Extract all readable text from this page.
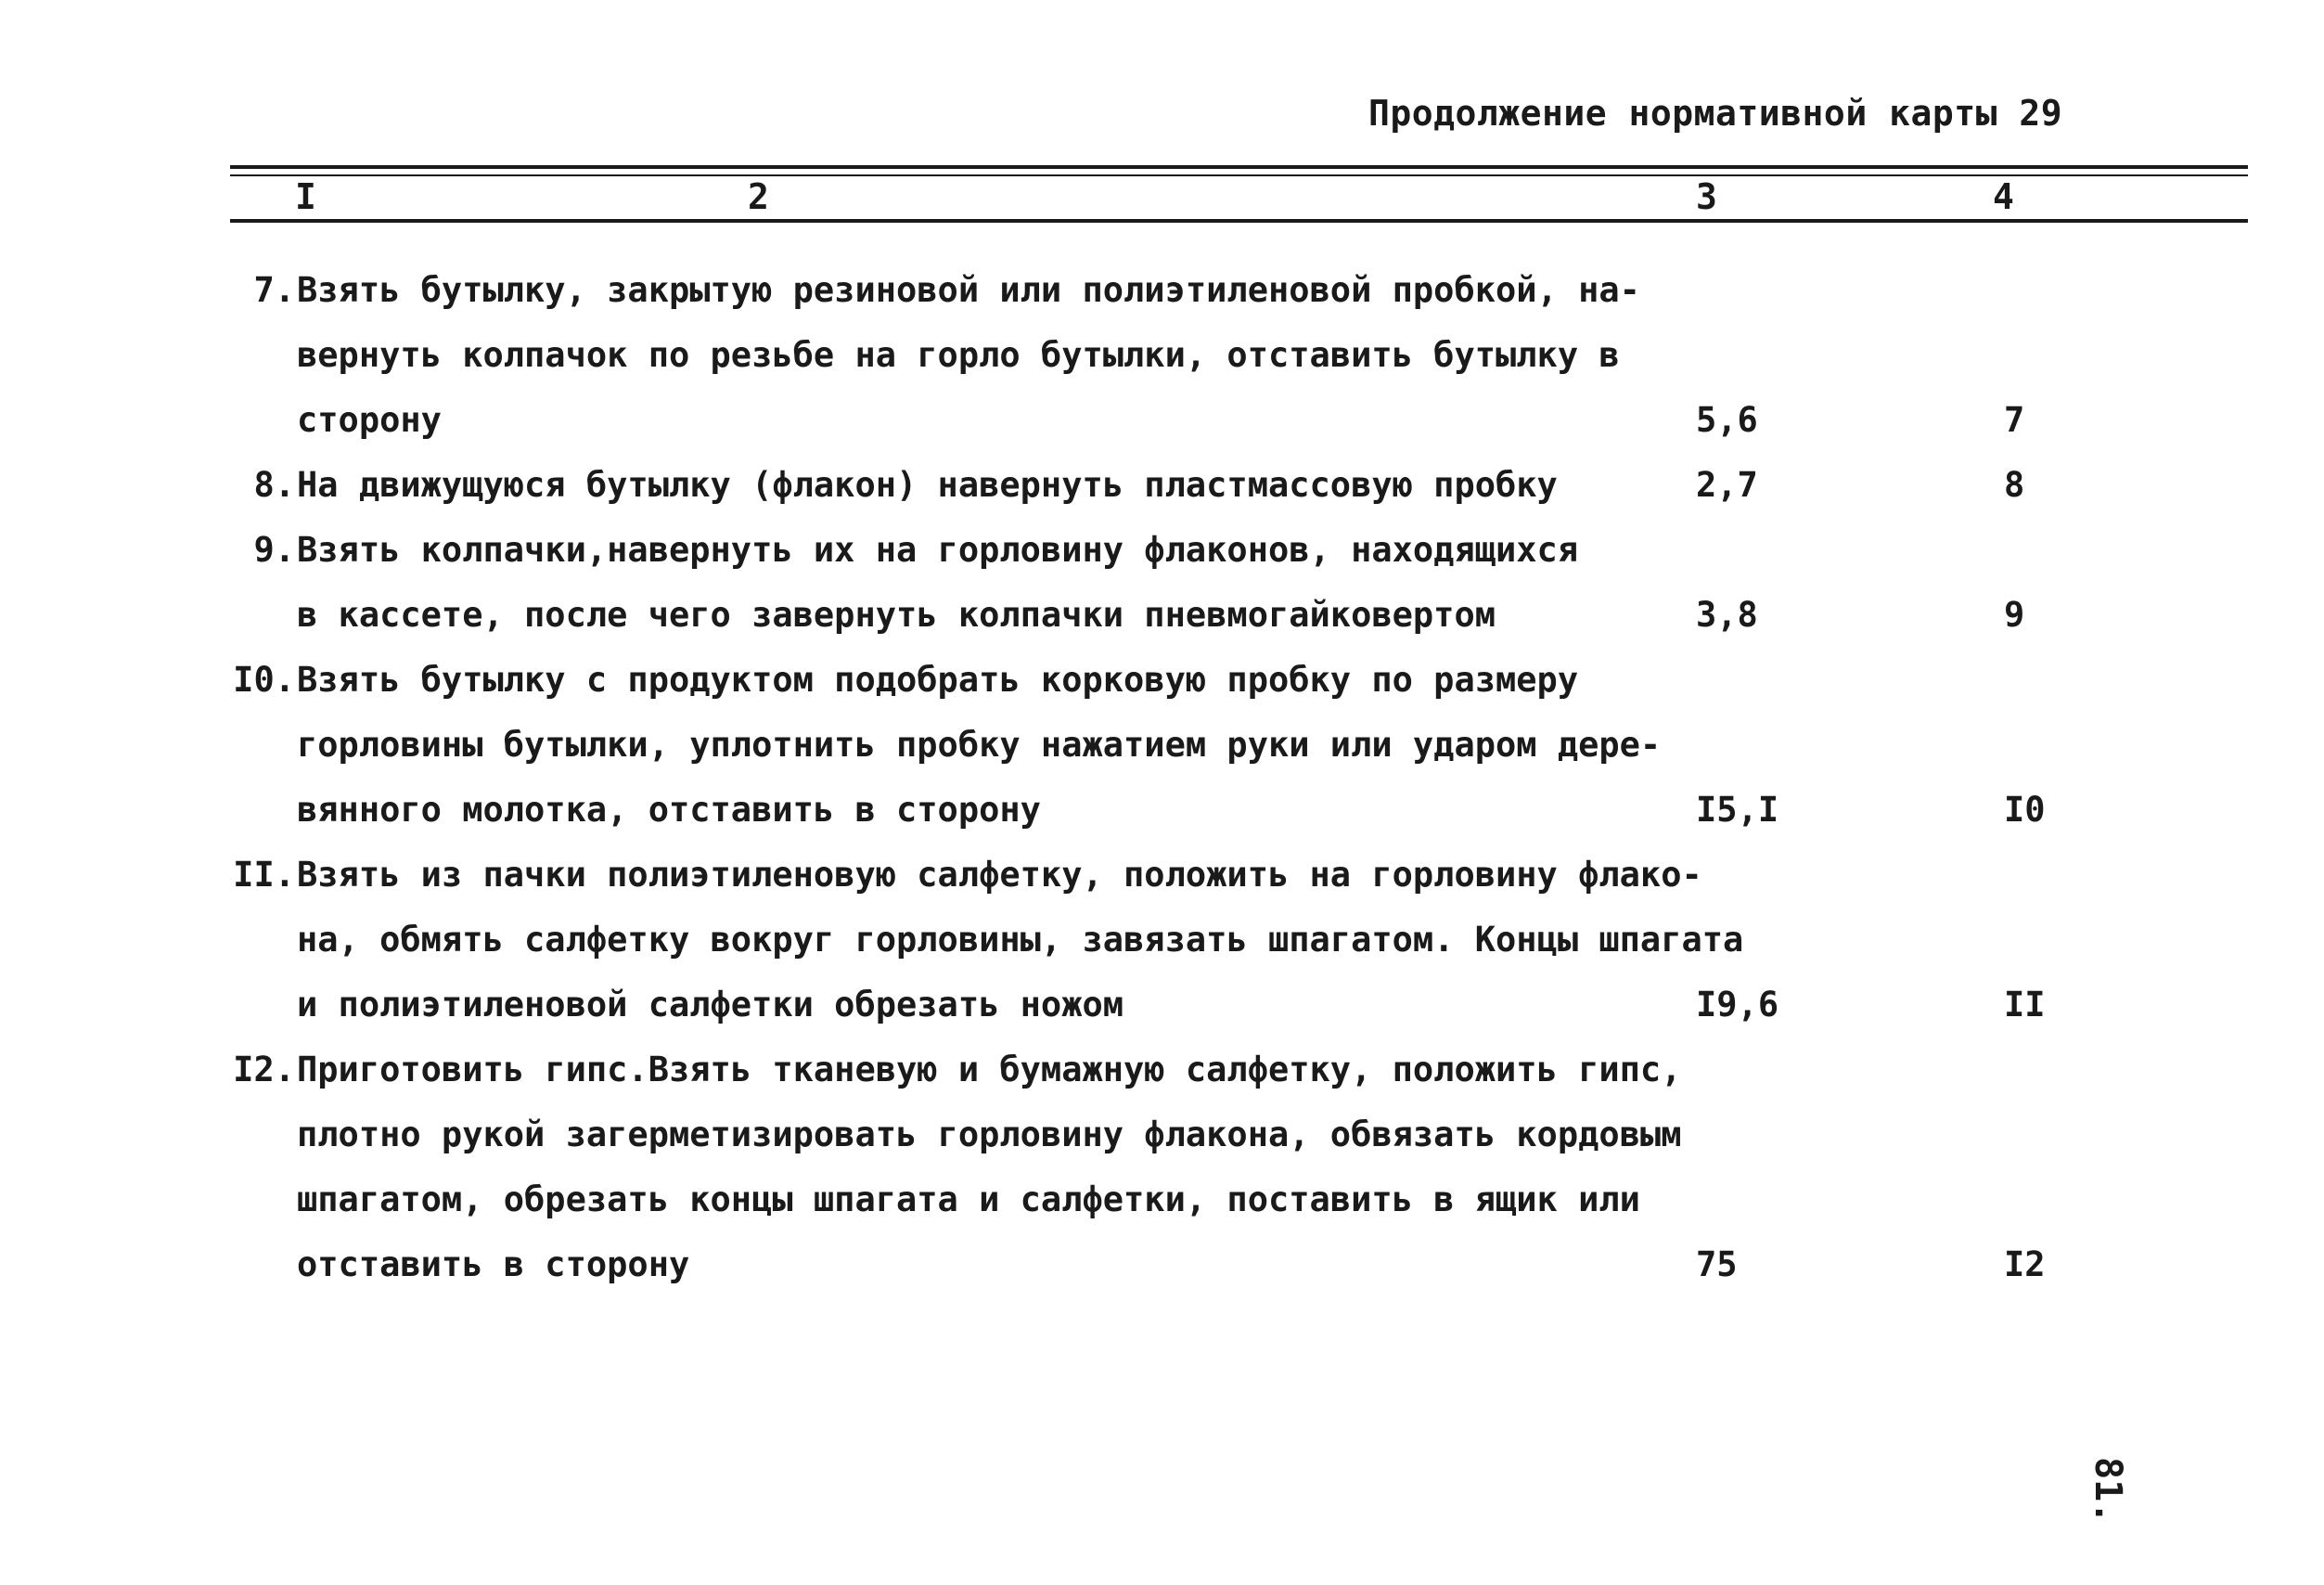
Продолжение нормативной карты 29
I	2	3	4
7. Взять бутылку, закрытую резиновой или полиэтиленовой пробкой, на-
вернуть колпачок по резьбе на горло бутылки, отставить бутылку в
сторону	5,6	7
8. На движущуюся бутылку (флакон) навернуть пластмассовую пробку	2,7	8
9. Взять колпачки,навернуть их на горловину флаконов, находящихся
в кассете, после чего завернуть колпачки пневмогайковертом	3,8	9
I0. Взять бутылку с продуктом подобрать корковую пробку по размеру
горловины бутылки, уплотнить пробку нажатием руки или ударом дере-
вянного молотка, отставить в сторону	I5,I	I0
II. Взять из пачки полиэтиленовую салфетку, положить на горловину флако-
на, обмять салфетку вокруг горловины, завязать шпагатом. Концы шпагата
и полиэтиленовой салфетки обрезать ножом	I9,6	II
I2. Приготовить гипс.Взять тканевую и бумажную салфетку, положить гипс,
плотно рукой загерметизировать горловину флакона, обвязать кордовым
шпагатом, обрезать концы шпагата и салфетки, поставить в ящик или
отставить в сторону	75	I2
81.
